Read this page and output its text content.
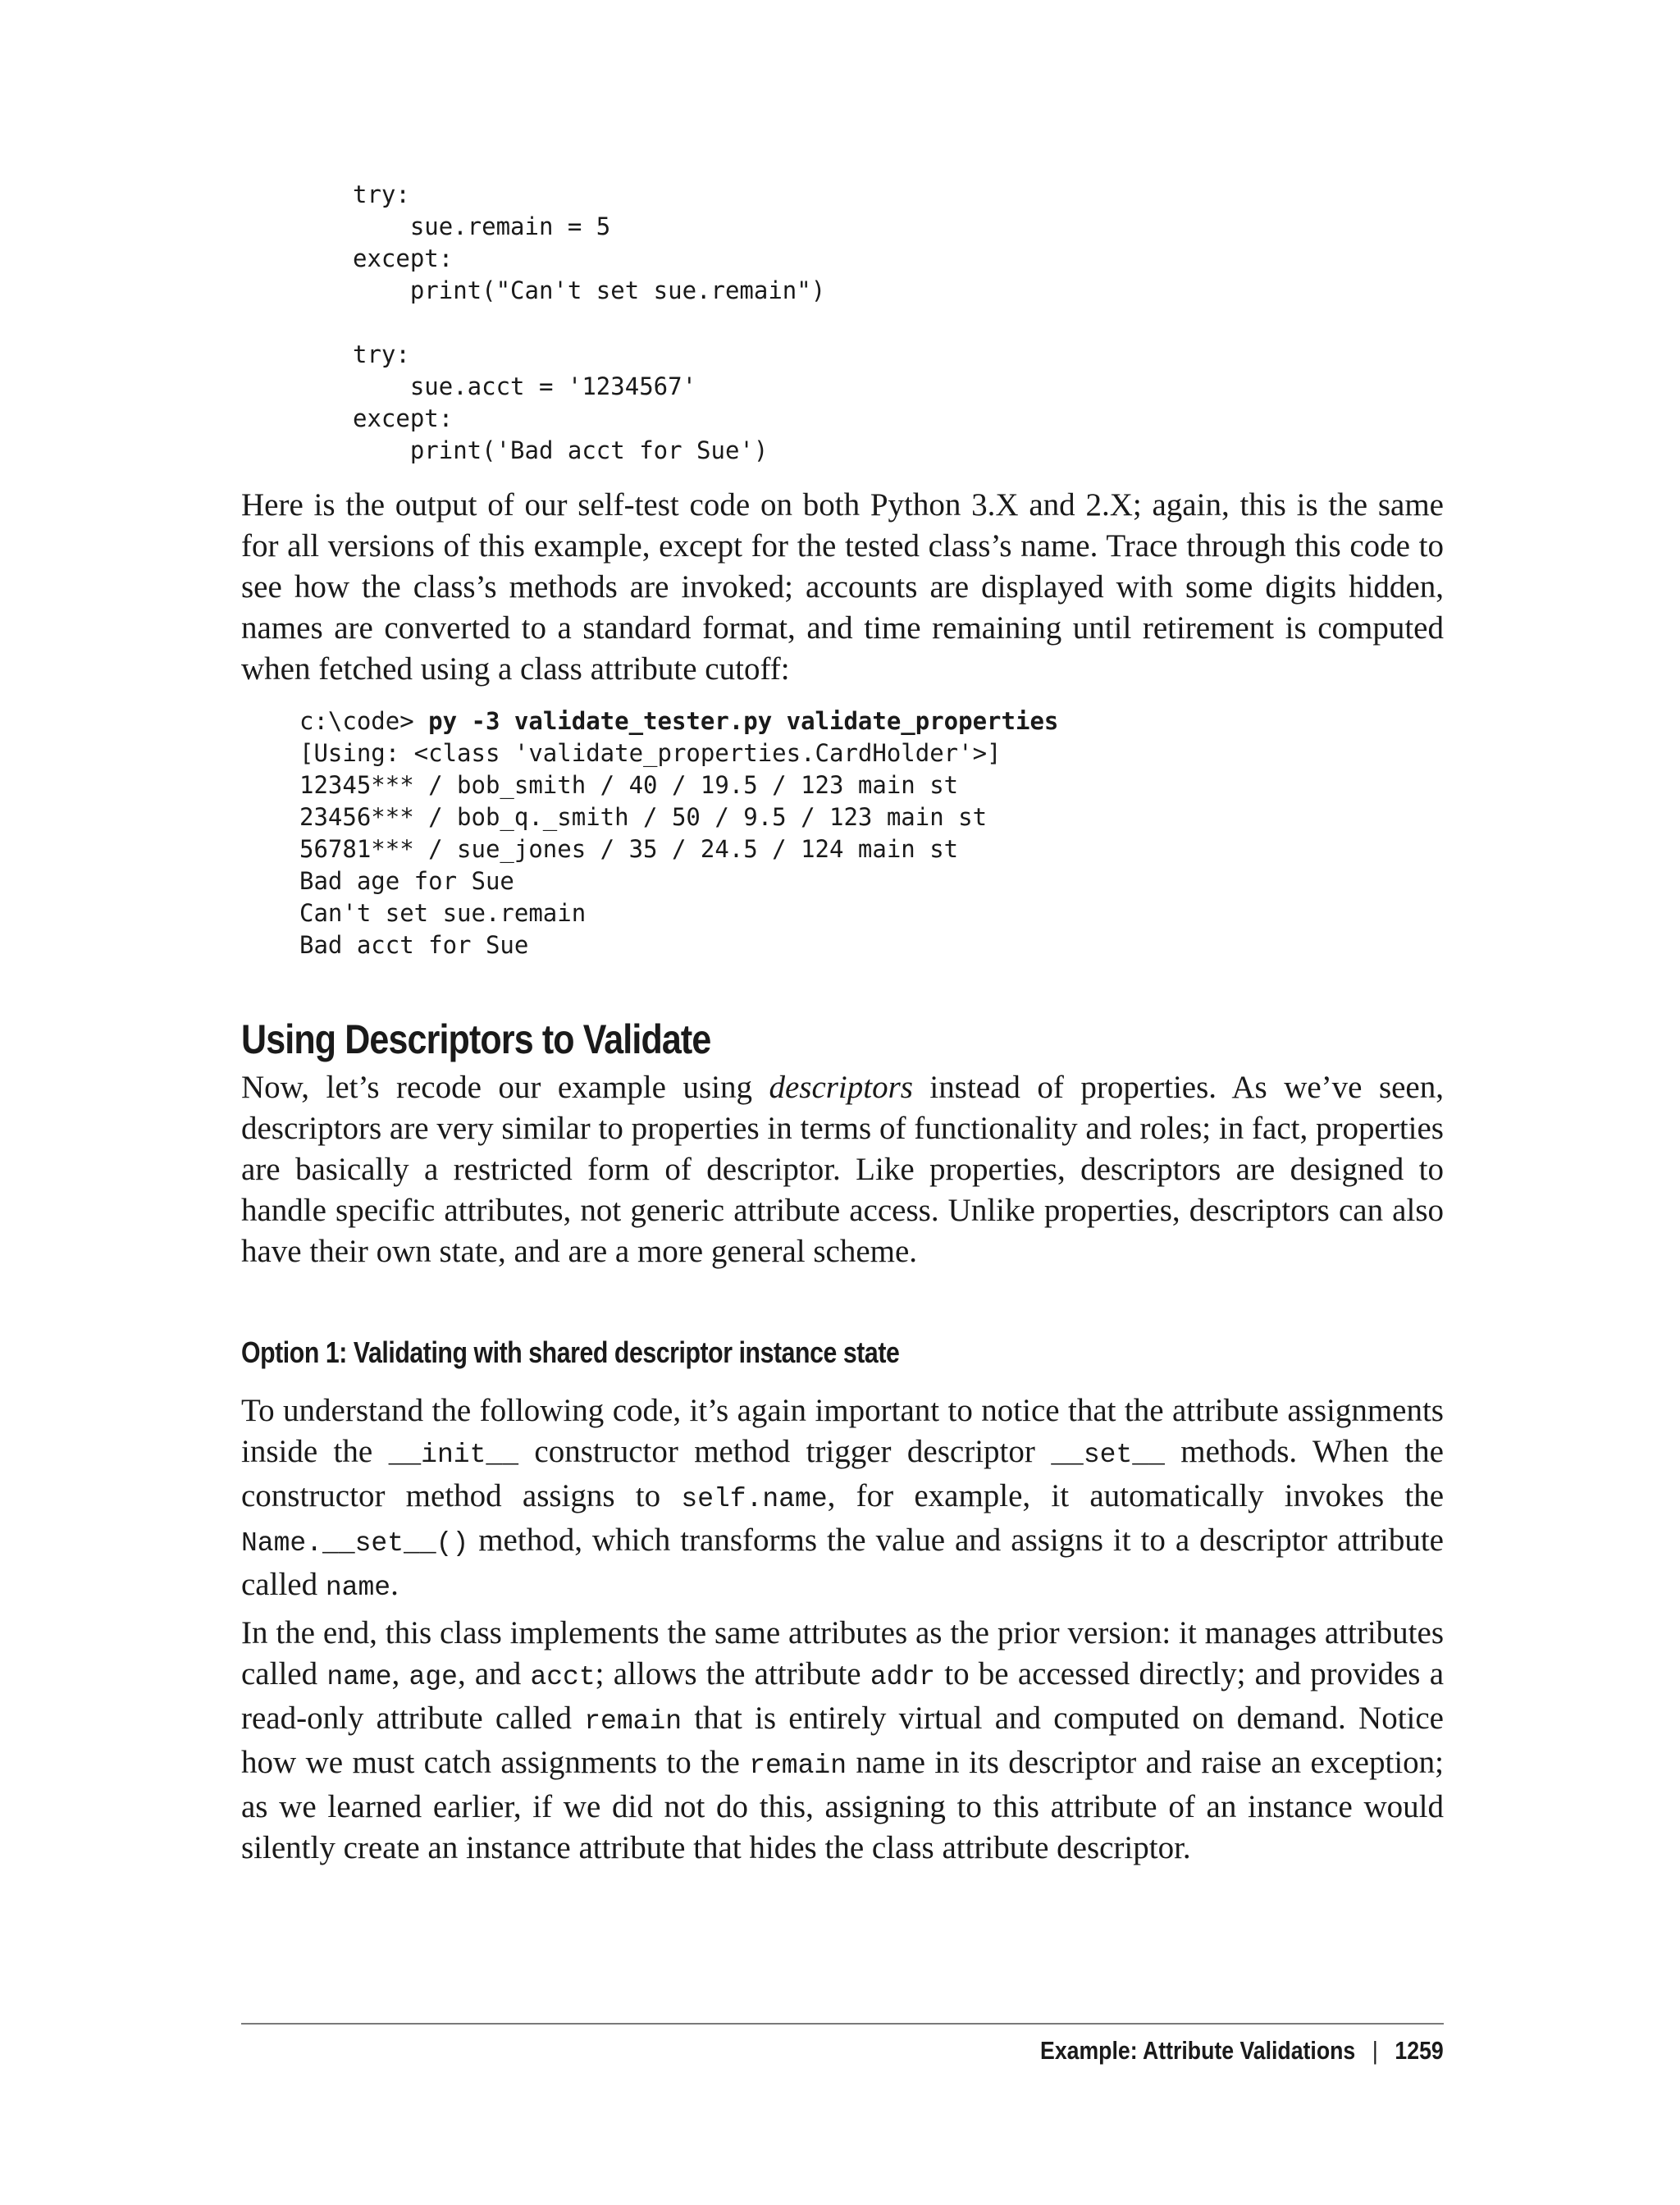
try:
sue.remain = 5
except:
print("Can't set sue.remain")
try:
sue.acct = '1234567'
except:
print('Bad acct for Sue')

Here is the output of our self-test code on both Python 3.X and 2.X; again, this is the same for all versions of this example, except for the tested class’s name. Trace through this code to see how the class’s methods are invoked; accounts are displayed with some digits hidden, names are converted to a standard format, and time remaining until retirement is computed when fetched using a class attribute cutoff:

c:\code> py -3 validate_tester.py validate_properties
[Using: <class 'validate_properties.CardHolder'>]
12345*** / bob_smith / 40 / 19.5 / 123 main st
23456*** / bob_q._smith / 50 / 9.5 / 123 main st
56781*** / sue_jones / 35 / 24.5 / 124 main st
Bad age for Sue
Can't set sue.remain
Bad acct for Sue
Using Descriptors to Validate

Now, let’s recode our example using descriptors instead of properties. As we’ve seen, descriptors are very similar to properties in terms of functionality and roles; in fact, properties are basically a restricted form of descriptor. Like properties, descriptors are designed to handle specific attributes, not generic attribute access. Unlike properties, descriptors can also have their own state, and are a more general scheme.

Option 1: Validating with shared descriptor instance state

To understand the following code, it’s again important to notice that the attribute assignments inside the __init__ constructor method trigger descriptor __set__ methods. When the constructor method assigns to self.name, for example, it automatically invokes the Name.__set__() method, which transforms the value and assigns it to a descriptor attribute called name.

In the end, this class implements the same attributes as the prior version: it manages attributes called name, age, and acct; allows the attribute addr to be accessed directly; and provides a read-only attribute called remain that is entirely virtual and computed on demand. Notice how we must catch assignments to the remain name in its descriptor and raise an exception; as we learned earlier, if we did not do this, assigning to this attribute of an instance would silently create an instance attribute that hides the class attribute descriptor.

Example: Attribute Validations | 1259
